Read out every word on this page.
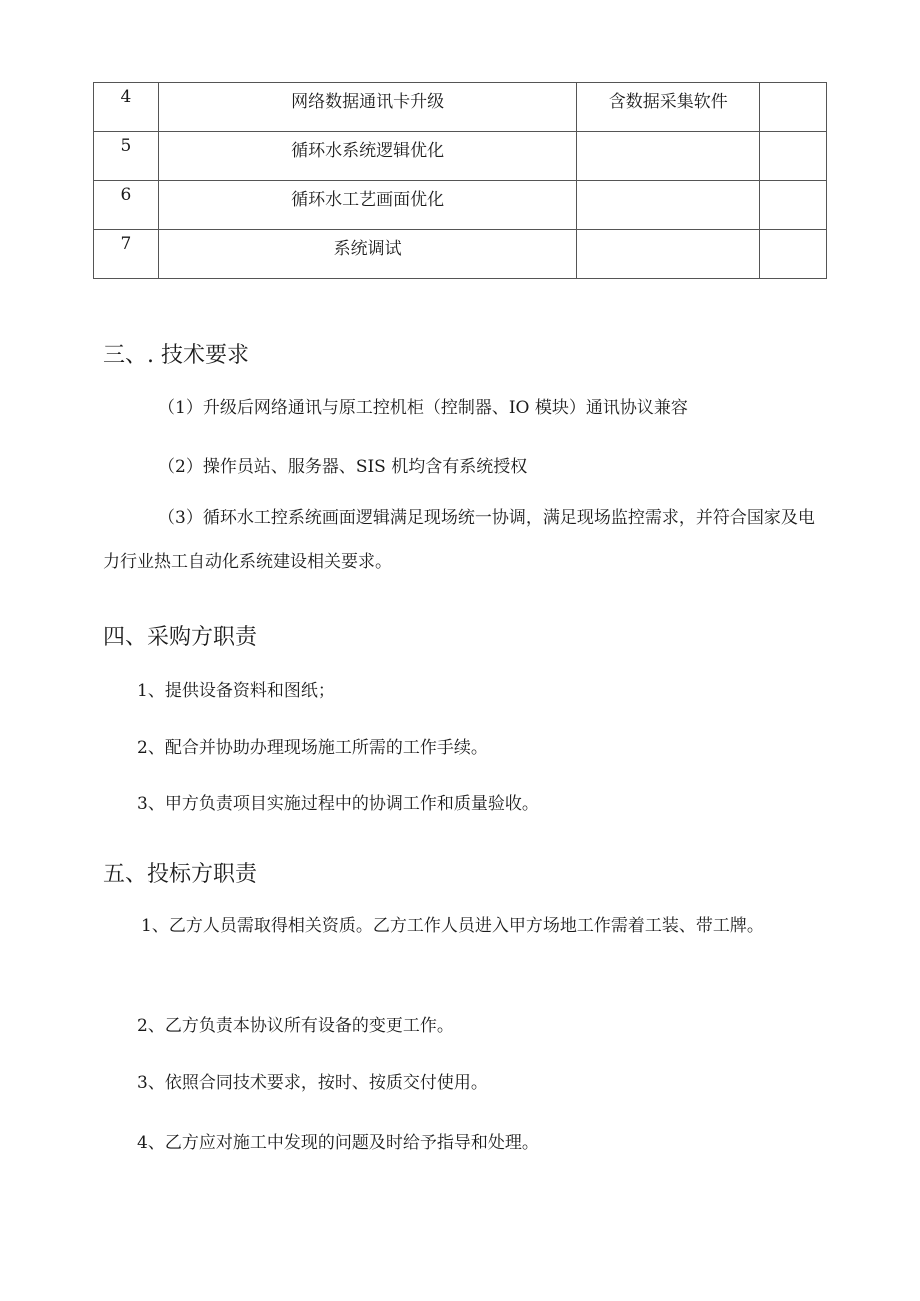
4	网络数据通讯卡升级	含数据采集软件	
5	循环水系统逻辑优化		
6	循环水工艺画面优化		
7	系统调试		
三、. 技术要求

（1）升级后网络通讯与原工控机柜（控制器、IO 模块）通讯协议兼容

（2）操作员站、服务器、SIS 机均含有系统授权

（3）循环水工控系统画面逻辑满足现场统一协调，满足现场监控需求，并符合国家及电力行业热工自动化系统建设相关要求。

四、采购方职责

1、提供设备资料和图纸；

2、配合并协助办理现场施工所需的工作手续。

3、甲方负责项目实施过程中的协调工作和质量验收。

五、投标方职责

1、乙方人员需取得相关资质。乙方工作人员进入甲方场地工作需着工装、带工牌。

2、乙方负责本协议所有设备的变更工作。

3、依照合同技术要求，按时、按质交付使用。

4、乙方应对施工中发现的问题及时给予指导和处理。
